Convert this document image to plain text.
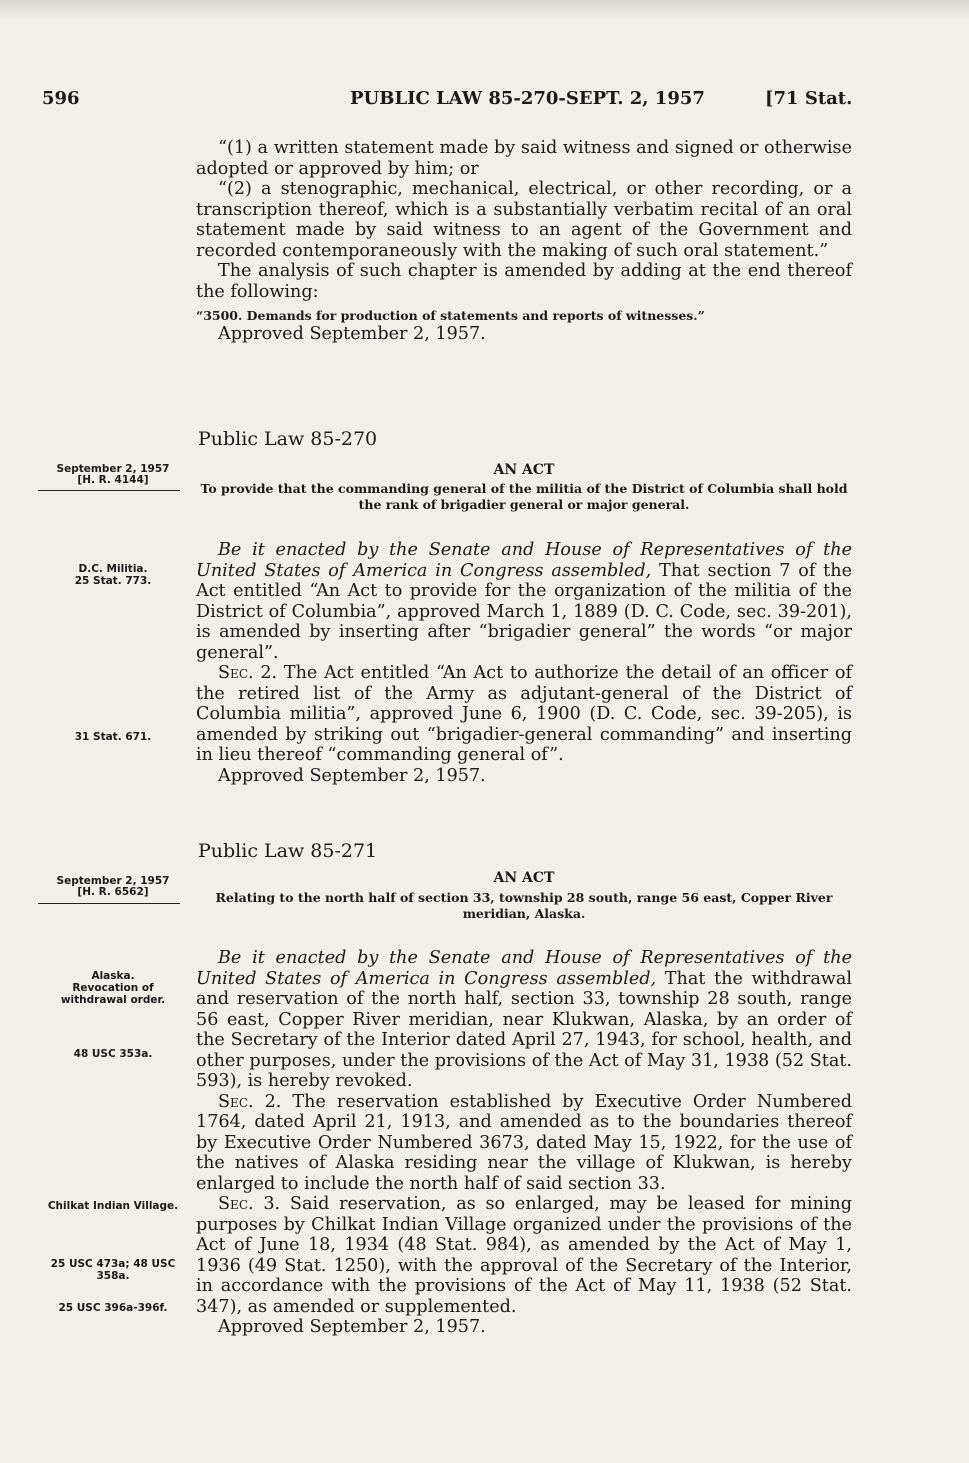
596	PUBLIC LAW 85-270-SEPT. 2, 1957	[71 Stat.

“(1) a written statement made by said witness and signed or otherwise adopted or approved by him; or

“(2) a stenographic, mechanical, electrical, or other recording, or a transcription thereof, which is a substantially verbatim recital of an oral statement made by said witness to an agent of the Government and recorded contemporaneously with the making of such oral statement.”

The analysis of such chapter is amended by adding at the end thereof the following:

“3500. Demands for production of statements and reports of witnesses.”

Approved September 2, 1957.

Public Law 85-270
September 2, 1957
[H. R. 4144]
AN ACT
To provide that the commanding general of the militia of the District of Columbia shall hold the rank of brigadier general or major general.
D.C. Militia.
25 Stat. 773.

Be it enacted by the Senate and House of Representatives of the United States of America in Congress assembled, That section 7 of the Act entitled “An Act to provide for the organization of the militia of the District of Columbia”, approved March 1, 1889 (D. C. Code, sec. 39-201), is amended by inserting after “brigadier general” the words “or major general”.

Sec. 2. The Act entitled “An Act to authorize the detail of an officer of the retired list of the Army as adjutant-general of the District of Columbia militia”, approved June 6, 1900 (D. C. Code, sec. 39-205), is amended by striking out “brigadier-general commanding” and inserting in lieu thereof “commanding general of”.

Approved September 2, 1957.

31 Stat. 671.
Public Law 85-271
September 2, 1957
[H. R. 6562]
AN ACT
Relating to the north half of section 33, township 28 south, range 56 east, Copper River meridian, Alaska.
Alaska.
Revocation of withdrawal order.
48 USC 353a.

Be it enacted by the Senate and House of Representatives of the United States of America in Congress assembled, That the withdrawal and reservation of the north half, section 33, township 28 south, range 56 east, Copper River meridian, near Klukwan, Alaska, by an order of the Secretary of the Interior dated April 27, 1943, for school, health, and other purposes, under the provisions of the Act of May 31, 1938 (52 Stat. 593), is hereby revoked.

Sec. 2. The reservation established by Executive Order Numbered 1764, dated April 21, 1913, and amended as to the boundaries thereof by Executive Order Numbered 3673, dated May 15, 1922, for the use of the natives of Alaska residing near the village of Klukwan, is hereby enlarged to include the north half of said section 33.

Sec. 3. Said reservation, as so enlarged, may be leased for mining purposes by Chilkat Indian Village organized under the provisions of the Act of June 18, 1934 (48 Stat. 984), as amended by the Act of May 1, 1936 (49 Stat. 1250), with the approval of the Secretary of the Interior, in accordance with the provisions of the Act of May 11, 1938 (52 Stat. 347), as amended or supplemented.

Approved September 2, 1957.

Chilkat Indian Village.
25 USC 473a; 48 USC 358a.
25 USC 396a-396f.
